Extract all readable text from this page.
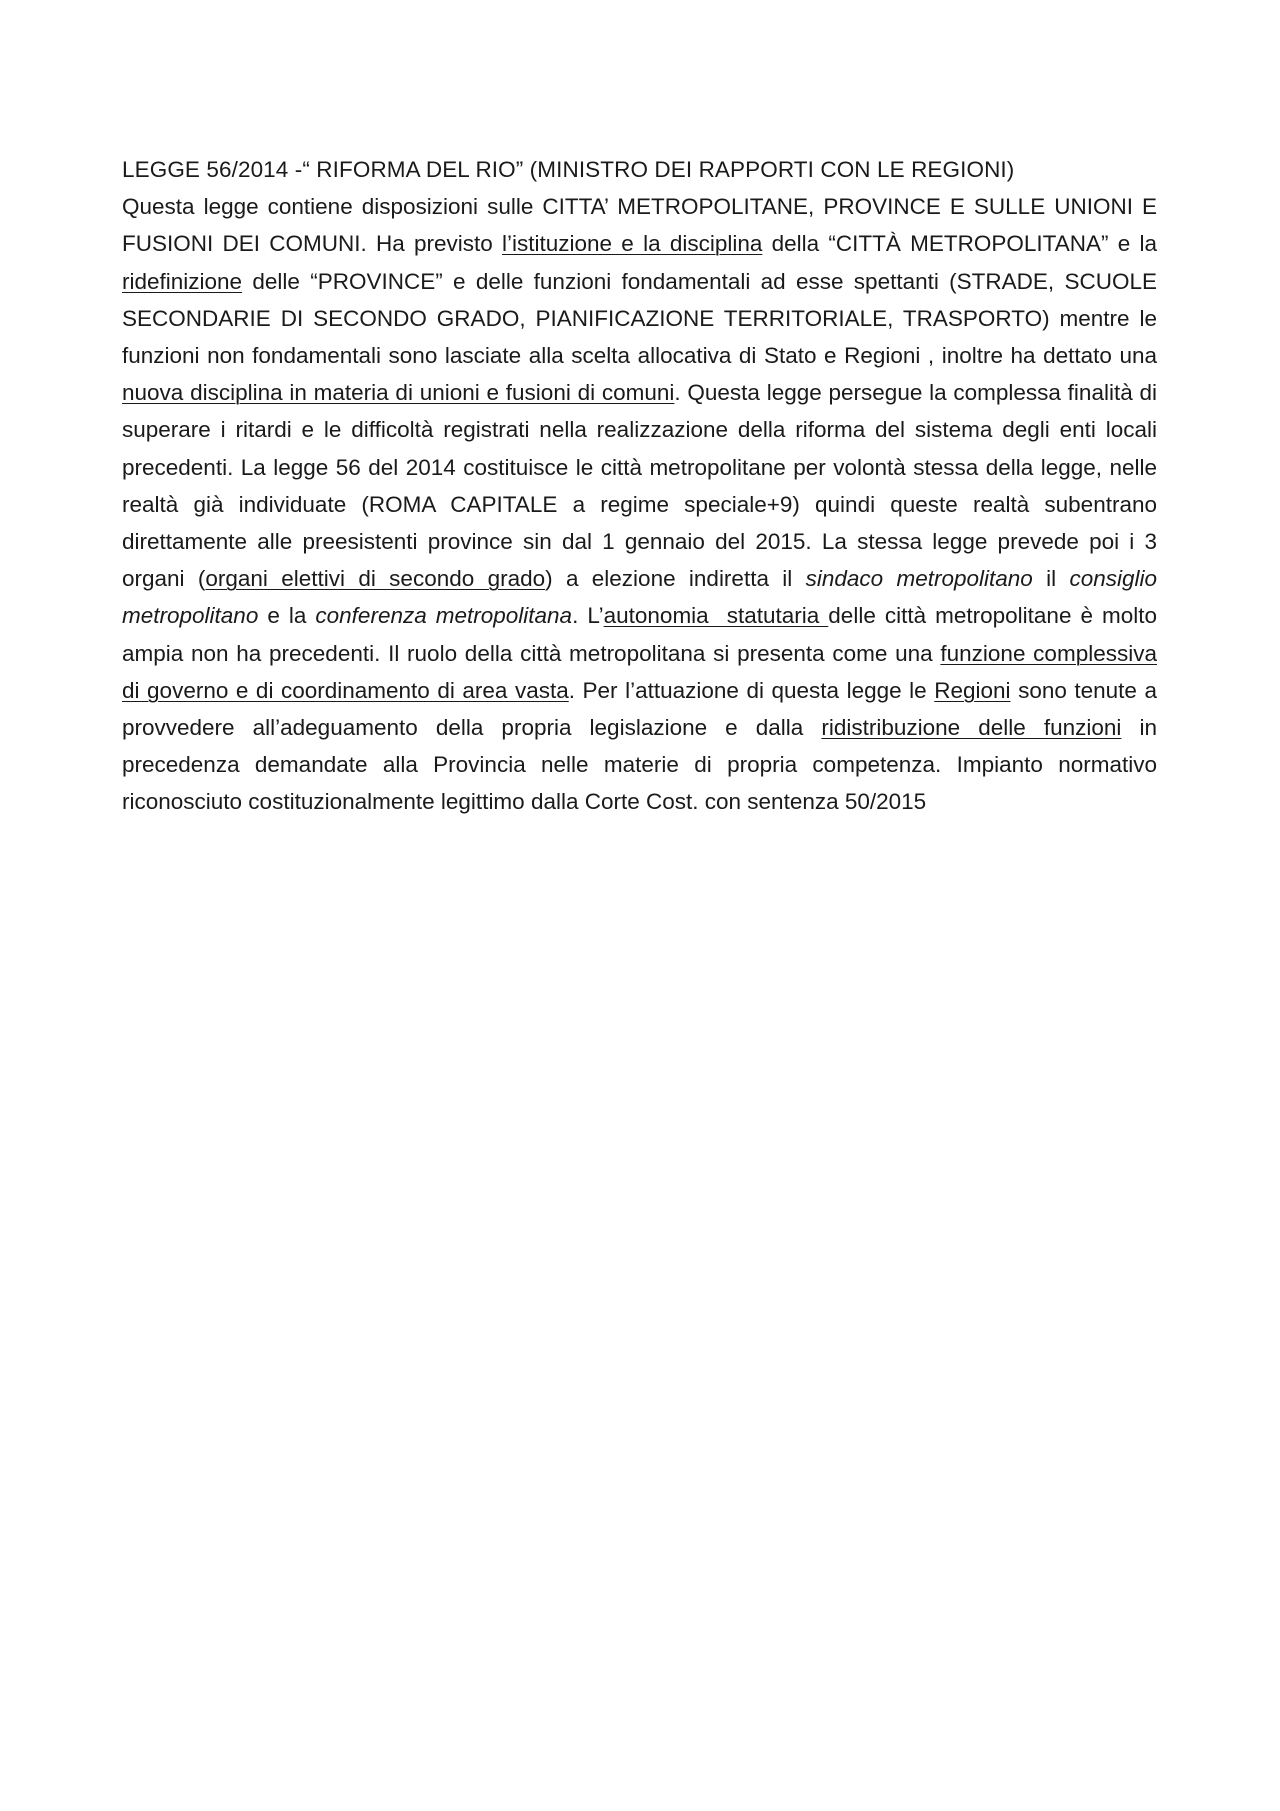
LEGGE 56/2014 -“ RIFORMA DEL RIO” (MINISTRO DEI RAPPORTI CON LE REGIONI)

Questa legge contiene disposizioni sulle CITTA’ METROPOLITANE, PROVINCE E SULLE UNIONI E FUSIONI DEI COMUNI. Ha previsto l’istituzione e la disciplina della “CITTÀ METROPOLITANA” e la ridefinizione delle “PROVINCE” e delle funzioni fondamentali ad esse spettanti (STRADE, SCUOLE SECONDARIE DI SECONDO GRADO, PIANIFICAZIONE TERRITORIALE, TRASPORTO) mentre le funzioni non fondamentali sono lasciate alla scelta allocativa di Stato e Regioni , inoltre ha dettato una nuova disciplina in materia di unioni e fusioni di comuni. Questa legge persegue la complessa finalità di superare i ritardi e le difficoltà registrati nella realizzazione della riforma del sistema degli enti locali precedenti. La legge 56 del 2014 costituisce le città metropolitane per volontà stessa della legge, nelle realtà già individuate (ROMA CAPITALE a regime speciale+9) quindi queste realtà subentrano direttamente alle preesistenti province sin dal 1 gennaio del 2015. La stessa legge prevede poi i 3 organi (organi elettivi di secondo grado) a elezione indiretta il sindaco metropolitano il consiglio metropolitano e la conferenza metropolitana. L’autonomia  statutaria delle città metropolitane è molto ampia non ha precedenti. Il ruolo della città metropolitana si presenta come una funzione complessiva di governo e di coordinamento di area vasta. Per l’attuazione di questa legge le Regioni sono tenute a provvedere all’adeguamento della propria legislazione e dalla ridistribuzione delle funzioni in precedenza demandate alla Provincia nelle materie di propria competenza. Impianto normativo riconosciuto costituzionalmente legittimo dalla Corte Cost. con sentenza 50/2015
